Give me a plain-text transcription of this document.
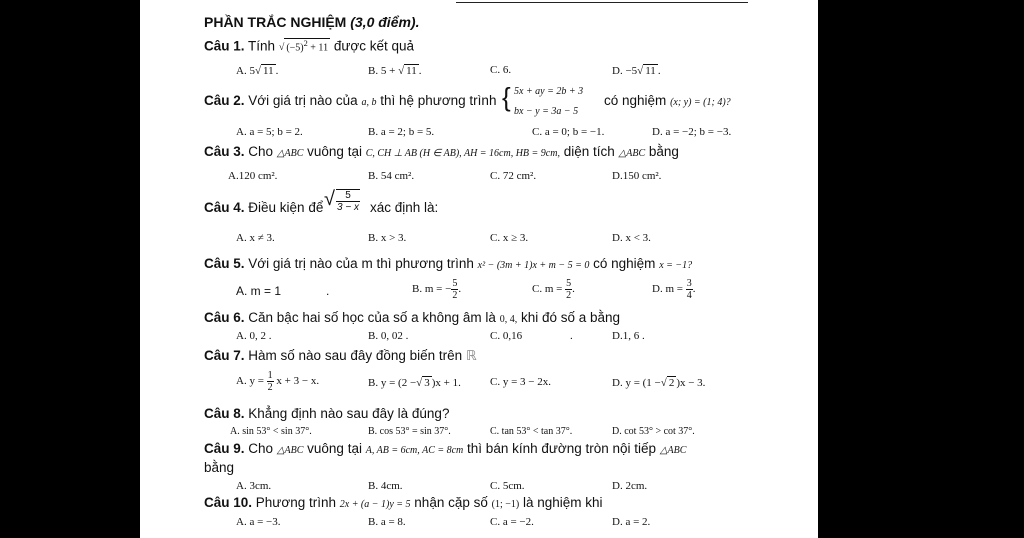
PHẦN TRẮC NGHIỆM (3,0 điểm).
Câu 1. Tính √ $(-5)^2 + 11$ được kết quả
A. 5√ 11 .	B. 5 + √ 11 .	C. 6.	D. −5√ 11 .
Câu 2. Với giá trị nào của a, b thì hệ phương trình { 5x + ay = 2b + 3
bx − y = 3a − 5
có nghiệm (x; y) = (1; 4)?
A. a = 5; b = 2.	B. a = 2; b = 5.	C. a = 0; b = −1.	D. a = −2; b = −3.
Câu 3. Cho △ABC vuông tại C, CH ⊥ AB (H ∈ AB), AH = 16cm, HB = 9cm, diện tích △ABC bằng
A.120 cm².	B. 54 cm².	C. 72 cm².	D.150 cm².
Câu 4. Điều kiện để √ $\frac{5}{3 - x}$ xác định là:
A. x ≠ 3.	B. x > 3.	C. x ≥ 3.	D. x < 3.
Câu 5. Với giá trị nào của m thì phương trình x² − (3m + 1)x + m − 5 = 0 có nghiệm x = −1?
A. m = 1	.	B. m = − $\frac{5}{2}$ .	C. $m = \frac{5}{2}$ .	D. $m = \frac{3}{4}$ .
Câu 6. Căn bậc hai số học của số a không âm là 0, 4, khi đó số a bằng
A. 0, 2 .	B. 0, 02 .	C. 0,16	.	D.1, 6 .
Câu 7. Hàm số nào sau đây đồng biến trên ℝ
A. $y = \frac{1}{2}$ x + 3 − x.	B. y = (2 −√ 3 )x + 1.	C. y = 3 − 2x.	D. y = (1 −√ 2 )x − 3.
Câu 8. Khẳng định nào sau đây là đúng?
A. sin 53° < sin 37°.	B. cos 53° = sin 37°.	C. tan 53° < tan 37°.	D. cot 53° > cot 37°.
Câu 9. Cho △ABC vuông tại A, AB = 6cm, AC = 8cm thì bán kính đường tròn nội tiếp △ABC
bằng
A. 3cm.	B. 4cm.	C. 5cm.	D. 2cm.
Câu 10. Phương trình 2x + (a − 1)y = 5 nhận cặp số (1; −1) là nghiệm khi
A. a = −3.	B. a = 8.	C. a = −2.	D. a = 2.
